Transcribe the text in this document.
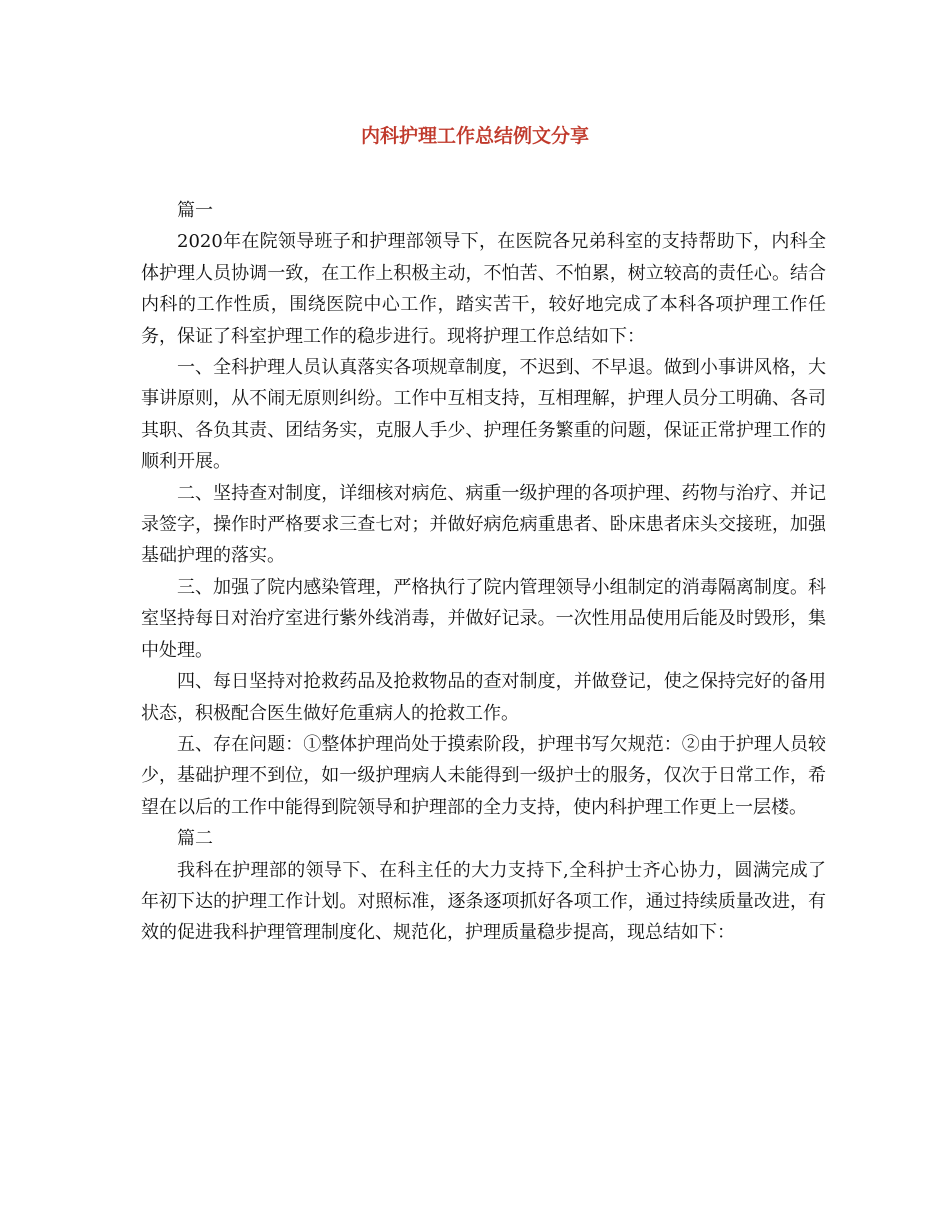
内科护理工作总结例文分享

篇一

2020年在院领导班子和护理部领导下，在医院各兄弟科室的支持帮助下，内科全体护理人员协调一致，在工作上积极主动，不怕苦、不怕累，树立较高的责任心。结合内科的工作性质，围绕医院中心工作，踏实苦干，较好地完成了本科各项护理工作任务，保证了科室护理工作的稳步进行。现将护理工作总结如下：

一、全科护理人员认真落实各项规章制度，不迟到、不早退。做到小事讲风格，大事讲原则，从不闹无原则纠纷。工作中互相支持，互相理解，护理人员分工明确、各司其职、各负其责、团结务实，克服人手少、护理任务繁重的问题，保证正常护理工作的顺利开展。

二、坚持查对制度，详细核对病危、病重一级护理的各项护理、药物与治疗、并记录签字，操作时严格要求三查七对；并做好病危病重患者、卧床患者床头交接班，加强基础护理的落实。

三、加强了院内感染管理，严格执行了院内管理领导小组制定的消毒隔离制度。科室坚持每日对治疗室进行紫外线消毒，并做好记录。一次性用品使用后能及时毁形，集中处理。

四、每日坚持对抢救药品及抢救物品的查对制度，并做登记，使之保持完好的备用状态，积极配合医生做好危重病人的抢救工作。

五、存在问题：①整体护理尚处于摸索阶段，护理书写欠规范：②由于护理人员较少，基础护理不到位，如一级护理病人未能得到一级护士的服务，仅次于日常工作，希望在以后的工作中能得到院领导和护理部的全力支持，使内科护理工作更上一层楼。

篇二

我科在护理部的领导下、在科主任的大力支持下,全科护士齐心协力，圆满完成了年初下达的护理工作计划。对照标准，逐条逐项抓好各项工作，通过持续质量改进，有效的促进我科护理管理制度化、规范化，护理质量稳步提高，现总结如下：
